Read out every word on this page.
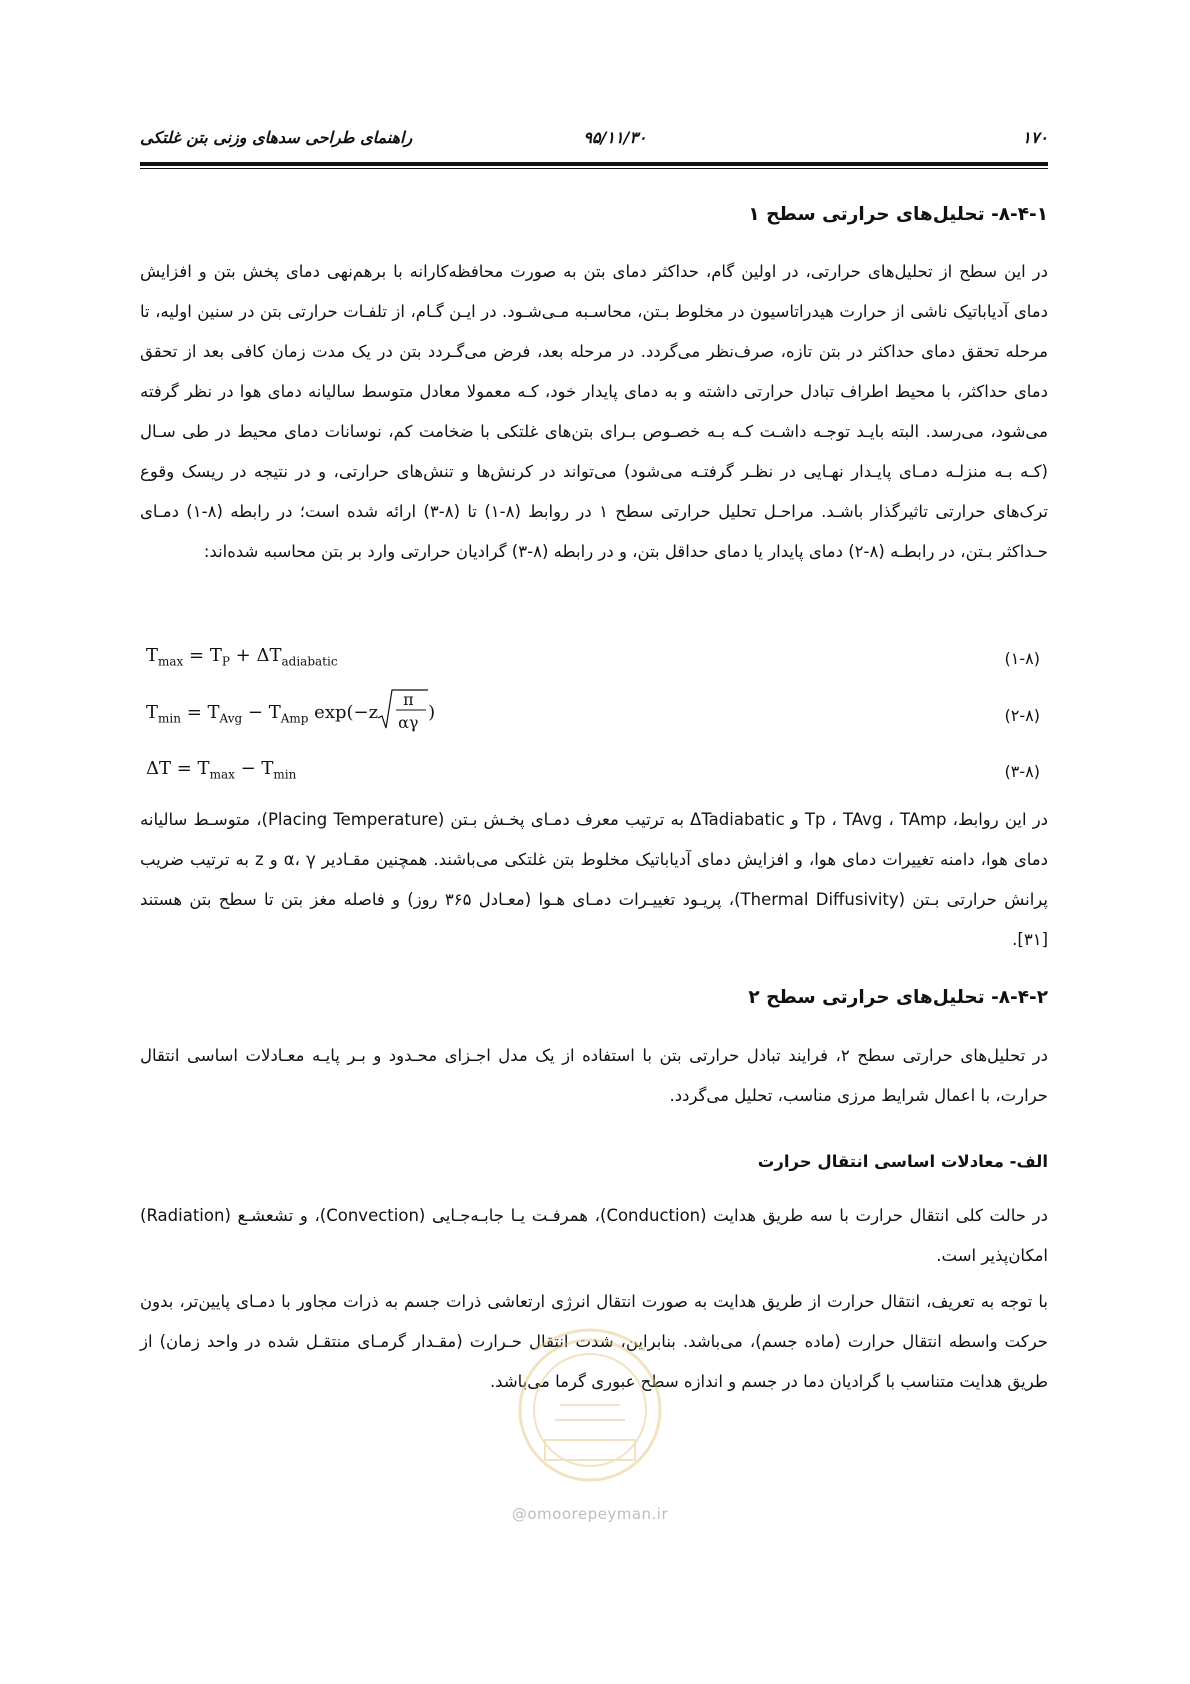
راهنمای طراحی سدهای وزنی بتن غلتکی	۹۵/۱۱/۳۰	۱۷۰
۸-۴-۱- تحلیل‌های حرارتی سطح ۱

در این سطح از تحلیل‌های حرارتی، در اولین گام، حداکثر دمای بتن به صورت محافظه‌کارانه با برهم‌نهی دمای پخش بتن و افزایش دمای آدیاباتیک ناشی از حرارت هیدراتاسیون در مخلوط بـتن، محاسـبه مـی‌شـود. در ایـن گـام، از تلفـات حرارتی بتن در سنین اولیه، تا مرحله تحقق دمای حداکثر در بتن تازه، صرف‌نظر می‌گردد. در مرحله بعد، فرض می‌گـردد بتن در یک مدت زمان کافی بعد از تحقق دمای حداکثر، با محیط اطراف تبادل حرارتی داشته و به دمای پایدار خود، کـه معمولا معادل متوسط سالیانه دمای هوا در نظر گرفته می‌شود، می‌رسد. البته بایـد توجـه داشـت کـه بـه خصـوص بـرای بتن‌های غلتکی با ضخامت کم، نوسانات دمای محیط در طی سـال (کـه بـه منزلـه دمـای پایـدار نهـایی در نظـر گرفتـه می‌شود) می‌تواند در کرنش‌ها و تنش‌های حرارتی، و در نتیجه در ریسک وقوع ترک‌های حرارتی تاثیرگذار باشـد. مراحـل تحلیل حرارتی سطح ۱ در روابط (۸-۱) تا (۸-۳) ارائه شده است؛ در رابطه (۸-۱) دمـای حـداکثر بـتن، در رابطـه (۸-۲) دمای پایدار یا دمای حداقل بتن، و در رابطه (۸-۳) گرادیان حرارتی وارد بر بتن محاسبه شده‌اند:

$T_{max} = T_P + \Delta T_{adiabatic}$	(۱-۸)
$T_{min} = T_{Avg} - T_{Amp}$ exp(−z
π
αγ )	(۲-۸)
$\Delta T = T_{max} - T_{min}$	(۳-۸)

در این روابط، Tp ، TAvg ، TAmp و ΔTadiabatic به ترتیب معرف دمـای پخـش بـتن (Placing Temperature)، متوسـط سالیانه دمای هوا، دامنه تغییرات دمای هوا، و افزایش دمای آدیاباتیک مخلوط بتن غلتکی می‌باشند. همچنین مقـادیر α، γ و z به ترتیب ضریب پرانش حرارتی بـتن (Thermal Diffusivity)، پریـود تغییـرات دمـای هـوا (معـادل ۳۶۵ روز) و فاصله مغز بتن تا سطح بتن هستند [۳۱].

۸-۴-۲- تحلیل‌های حرارتی سطح ۲

در تحلیل‌های حرارتی سطح ۲، فرایند تبادل حرارتی بتن با استفاده از یک مدل اجـزای محـدود و بـر پایـه معـادلات اساسی انتقال حرارت، با اعمال شرایط مرزی مناسب، تحلیل می‌گردد.

الف- معادلات اساسی انتقال حرارت

در حالت کلی انتقال حرارت با سه طریق هدایت (Conduction)، همرفـت یـا جابـه‌جـایی (Convection)، و تشعشـع (Radiation) امکان‌پذیر است.

با توجه به تعریف، انتقال حرارت از طریق هدایت به صورت انتقال انرژی ارتعاشی ذرات جسم به ذرات مجاور با دمـای پایین‌تر، بدون حرکت واسطه انتقال حرارت (ماده جسم)، می‌باشد. بنابراین، شدت انتقال حـرارت (مقـدار گرمـای منتقـل شده در واحد زمان) از طریق هدایت متناسب با گرادیان دما در جسم و اندازه سطح عبوری گرما می‌باشد.

@omoorepeyman.ir
